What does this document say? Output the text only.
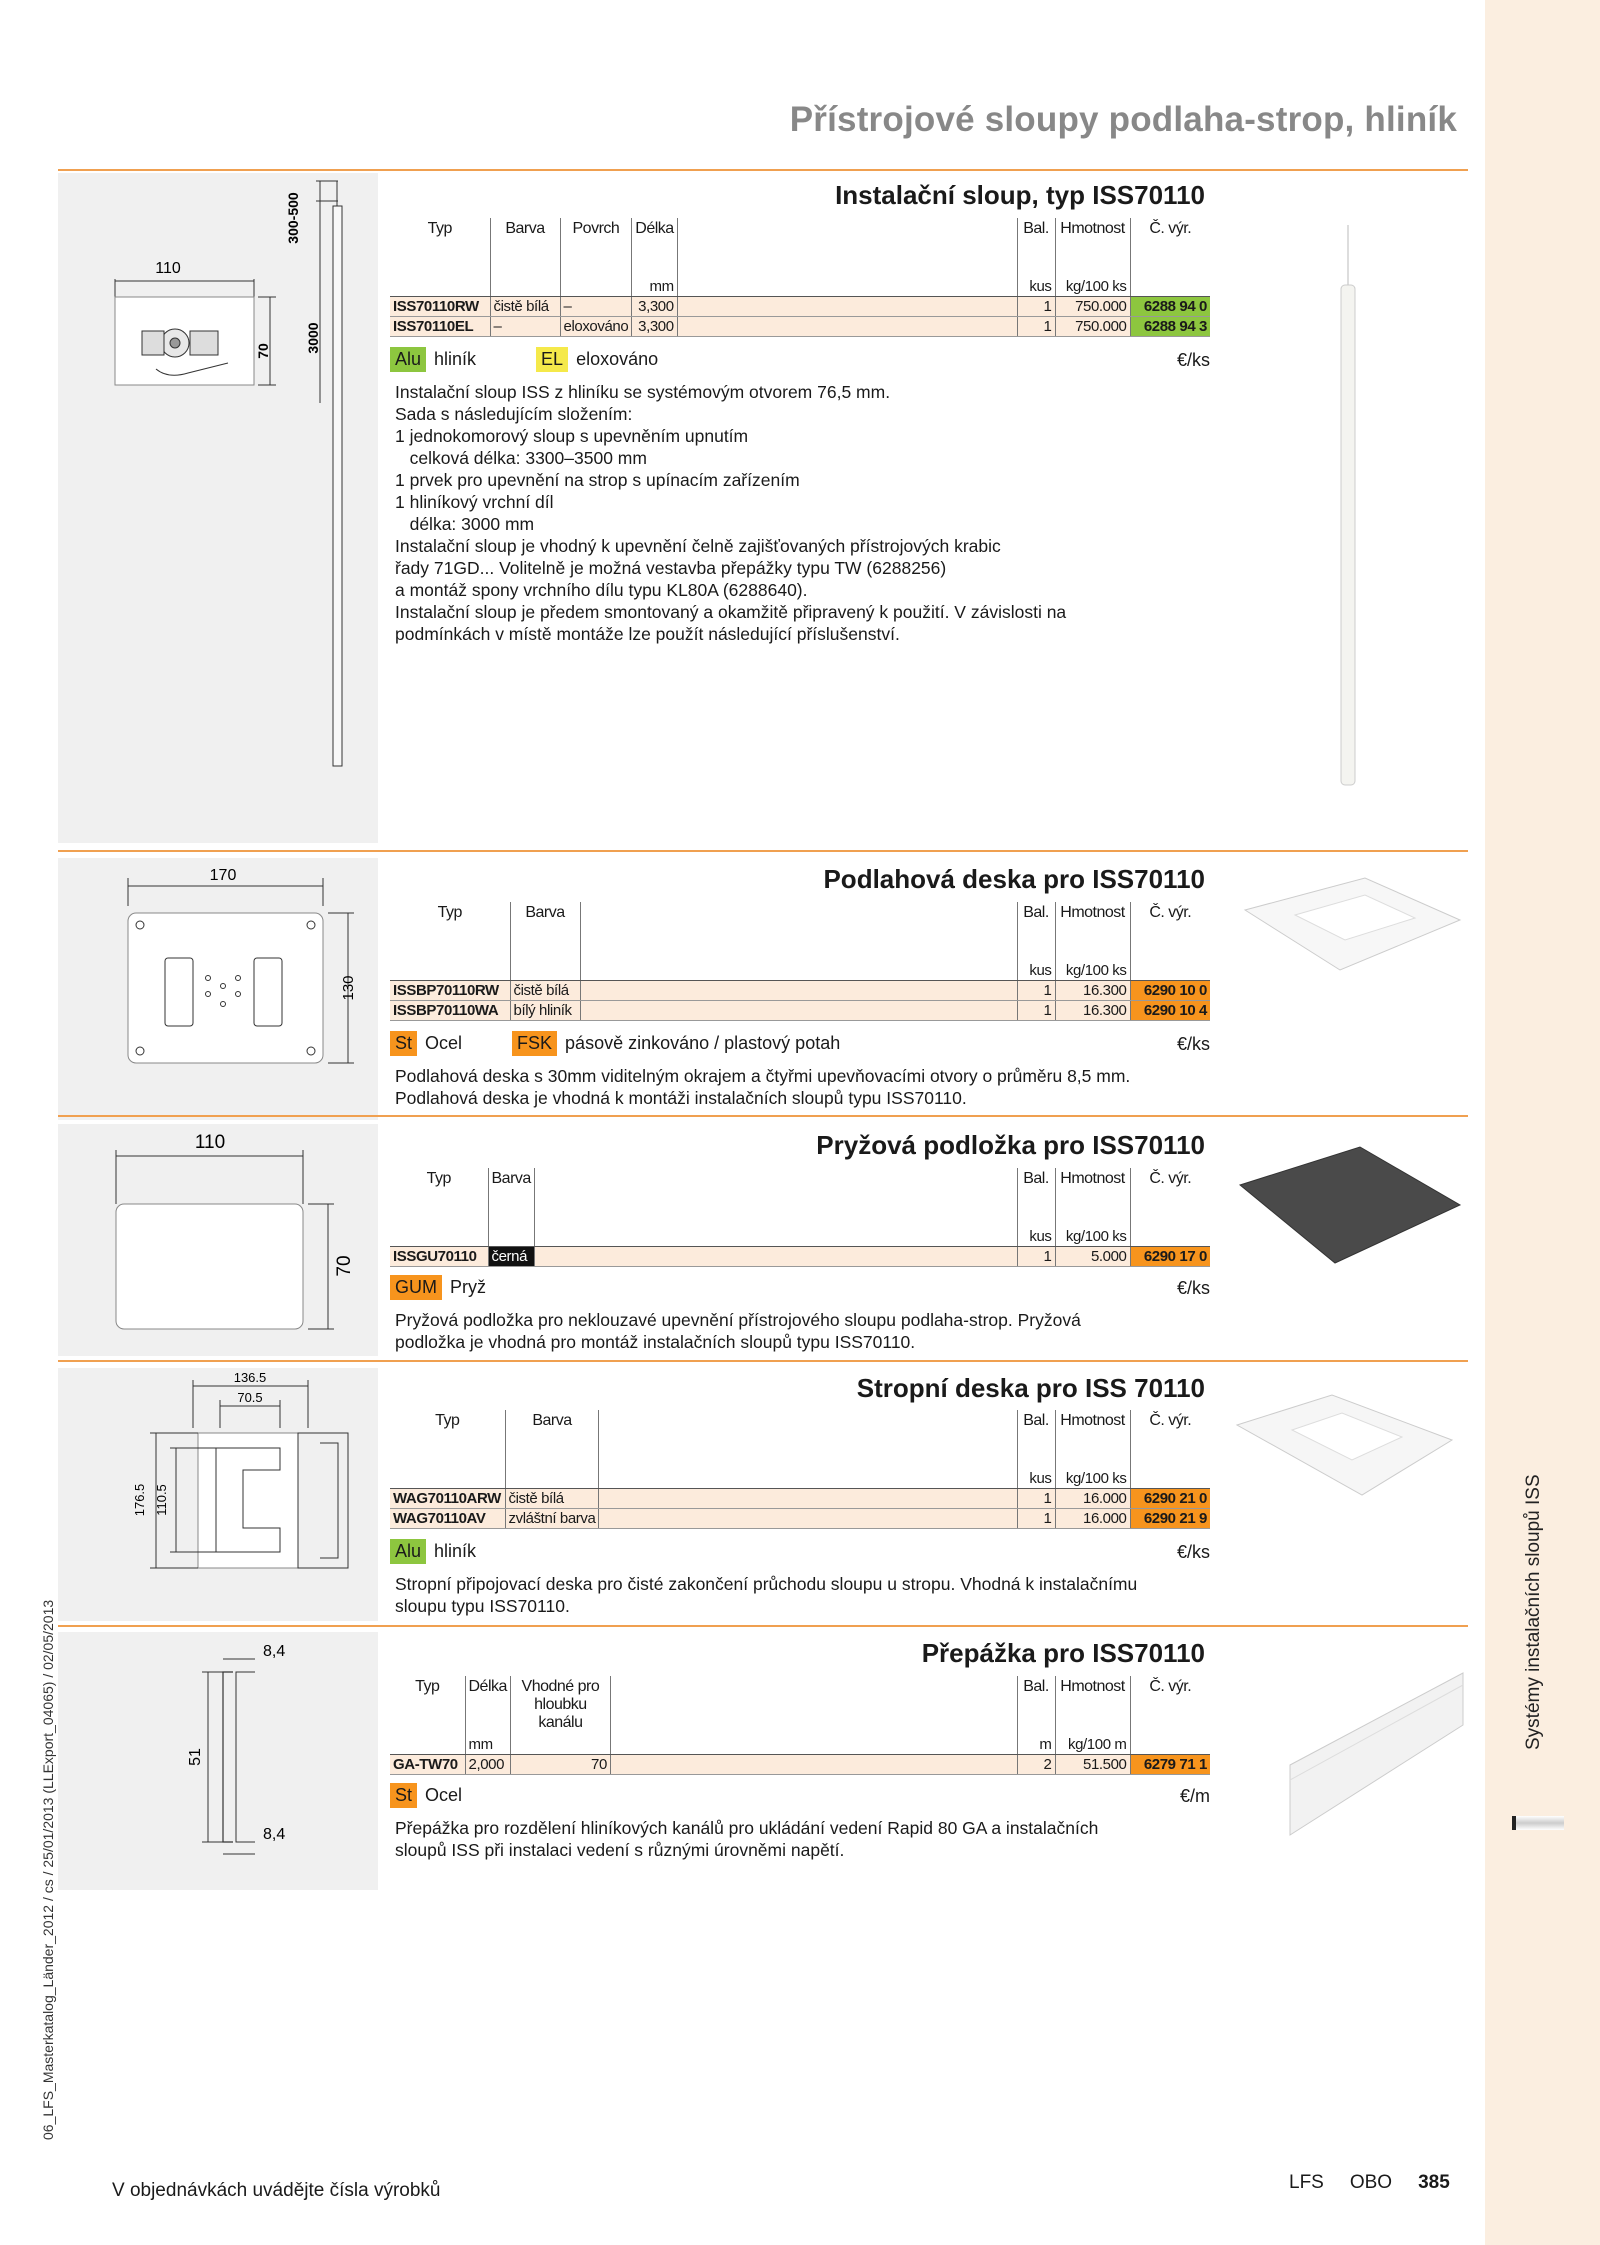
06_LFS_Masterkatalog_Länder_2012 / cs / 25/01/2013 (LLExport_04065) / 02/05/2013
Přístrojové sloupy podlaha-strop, hliník
110
70
300-500
3000
Instalační sloup, typ ISS70110
Typ	Barva	Povrch	Délka		Bal.	Hmotnost	Č. výr.
			mm		kus	kg/100 ks	
ISS70110RW	čistě bílá	–	3,300		1	750.000	6288 94 0
ISS70110EL	–	eloxováno	3,300		1	750.000	6288 94 3
Alu hliník	EL eloxováno	€/ks

Instalační sloup ISS z hliníku se systémovým otvorem 76,5 mm.

Sada s následujícím složením:

1 jednokomorový sloup s upevněním upnutím

celková délka: 3300–3500 mm

1 prvek pro upevnění na strop s upínacím zařízením

1 hliníkový vrchní díl

délka: 3000 mm

Instalační sloup je vhodný k upevnění čelně zajišťovaných přístrojových krabic

řady 71GD... Volitelně je možná vestavba přepážky typu TW (6288256)

a montáž spony vrchního dílu typu KL80A (6288640).

Instalační sloup je předem smontovaný a okamžitě připravený k použití. V závislosti na

podmínkách v místě montáže lze použít následující příslušenství.

170
130
Podlahová deska pro ISS70110
Typ	Barva		Bal.	Hmotnost	Č. výr.
			kus	kg/100 ks	
ISSBP70110RW	čistě bílá		1	16.300	6290 10 0
ISSBP70110WA	bílý hliník		1	16.300	6290 10 4
St Ocel	FSK pásově zinkováno / plastový potah	€/ks

Podlahová deska s 30mm viditelným okrajem a čtyřmi upevňovacími otvory o průměru 8,5 mm.

Podlahová deska je vhodná k montáži instalačních sloupů typu ISS70110.

110
70
Pryžová podložka pro ISS70110
Typ	Barva		Bal.	Hmotnost	Č. výr.
			kus	kg/100 ks	
ISSGU70110	černá		1	5.000	6290 17 0
GUM Pryž	€/ks

Pryžová podložka pro neklouzavé upevnění přístrojového sloupu podlaha-strop. Pryžová

podložka je vhodná pro montáž instalačních sloupů typu ISS70110.

136.5
70.5
176.5 110.5
Stropní deska pro ISS 70110
Typ	Barva		Bal.	Hmotnost	Č. výr.
			kus	kg/100 ks	
WAG70110ARW	čistě bílá		1	16.000	6290 21 0
WAG70110AV	zvláštní barva		1	16.000	6290 21 9
Alu hliník	€/ks

Stropní připojovací deska pro čisté zakončení průchodu sloupu u stropu. Vhodná k instalačnímu

sloupu typu ISS70110.

8,4
51
8,4
Přepážka pro ISS70110
Typ	Délka	Vhodné pro hloubku kanálu		Bal.	Hmotnost	Č. výr.
	mm			m	kg/100 m	
GA-TW70	2,000	70		2	51.500	6279 71 1
St Ocel	€/m

Přepážka pro rozdělení hliníkových kanálů pro ukládání vedení Rapid 80 GA a instalačních

sloupů ISS při instalaci vedení s různými úrovněmi napětí.

V objednávkách uvádějte čísla výrobků	LFS OBO 385
